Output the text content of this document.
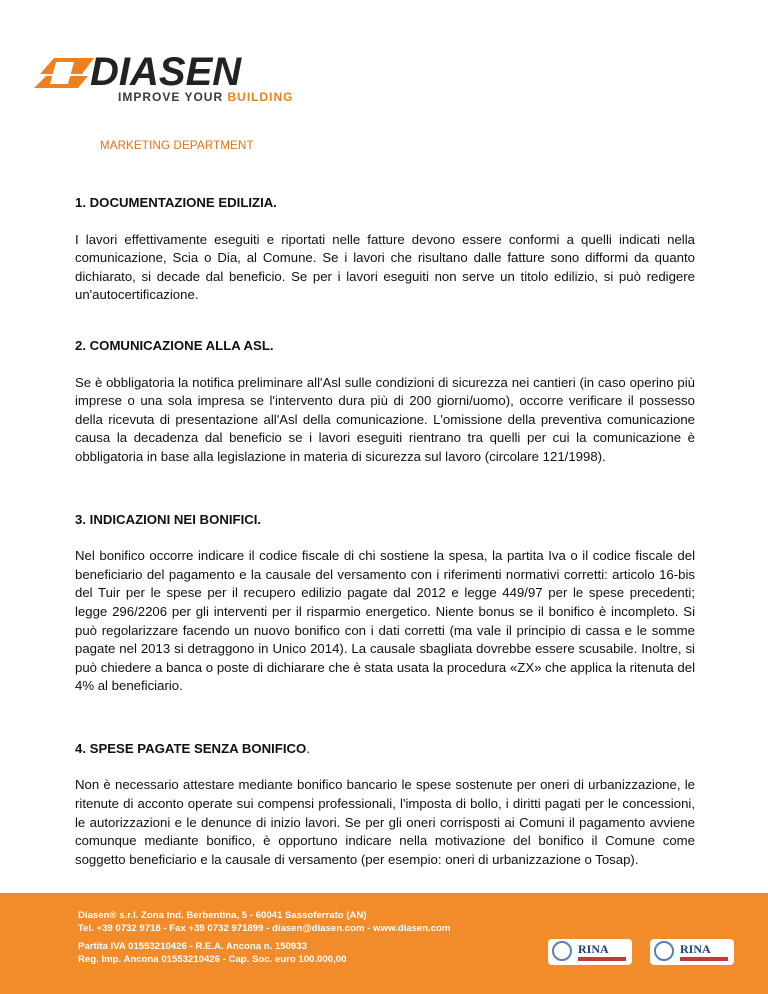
DIASEN
IMPROVE YOUR BUILDING
MARKETING DEPARTMENT

1. DOCUMENTAZIONE EDILIZIA.

I lavori effettivamente eseguiti e riportati nelle fatture devono essere conformi a quelli indicati nella comunicazione, Scia o Dia, al Comune. Se i lavori che risultano dalle fatture sono difformi da quanto dichiarato, si decade dal beneficio. Se per i lavori eseguiti non serve un titolo edilizio, si può redigere un'autocertificazione.

2. COMUNICAZIONE ALLA ASL.

Se è obbligatoria la notifica preliminare all'Asl sulle condizioni di sicurezza nei cantieri (in caso operino più imprese o una sola impresa se l'intervento dura più di 200 giorni/uomo), occorre verificare il possesso della ricevuta di presentazione all'Asl della comunicazione. L'omissione della preventiva comunicazione causa la decadenza dal beneficio se i lavori eseguiti rientrano tra quelli per cui la comunicazione è obbligatoria in base alla legislazione in materia di sicurezza sul lavoro (circolare 121/1998).

3. INDICAZIONI NEI BONIFICI.

Nel bonifico occorre indicare il codice fiscale di chi sostiene la spesa, la partita Iva o il codice fiscale del beneficiario del pagamento e la causale del versamento con i riferimenti normativi corretti: articolo 16-bis del Tuir per le spese per il recupero edilizio pagate dal 2012 e legge 449/97 per le spese precedenti; legge 296/2206 per gli interventi per il risparmio energetico. Niente bonus se il bonifico è incompleto. Si può regolarizzare facendo un nuovo bonifico con i dati corretti (ma vale il principio di cassa e le somme pagate nel 2013 si detraggono in Unico 2014). La causale sbagliata dovrebbe essere scusabile. Inoltre, si può chiedere a banca o poste di dichiarare che è stata usata la procedura «ZX» che applica la ritenuta del 4% al beneficiario.

4. SPESE PAGATE SENZA BONIFICO.

Non è necessario attestare mediante bonifico bancario le spese sostenute per oneri di urbanizzazione, le ritenute di acconto operate sui compensi professionali, l'imposta di bollo, i diritti pagati per le concessioni, le autorizzazioni e le denunce di inizio lavori. Se per gli oneri corrisposti ai Comuni il pagamento avviene comunque mediante bonifico, è opportuno indicare nella motivazione del bonifico il Comune come soggetto beneficiario e la causale di versamento (per esempio: oneri di urbanizzazione o Tosap).

Diasen® s.r.l. Zona Ind. Berbentina, 5 - 60041 Sassoferrato (AN)
Tel. +39 0732 9718 - Fax +39 0732 971899 - diasen@diasen.com - www.diasen.com
Partita IVA 01553210426 - R.E.A. Ancona n. 150933
Reg. Imp. Ancona 01553210426 - Cap. Soc. euro 100.000,00
RINA	RINA
